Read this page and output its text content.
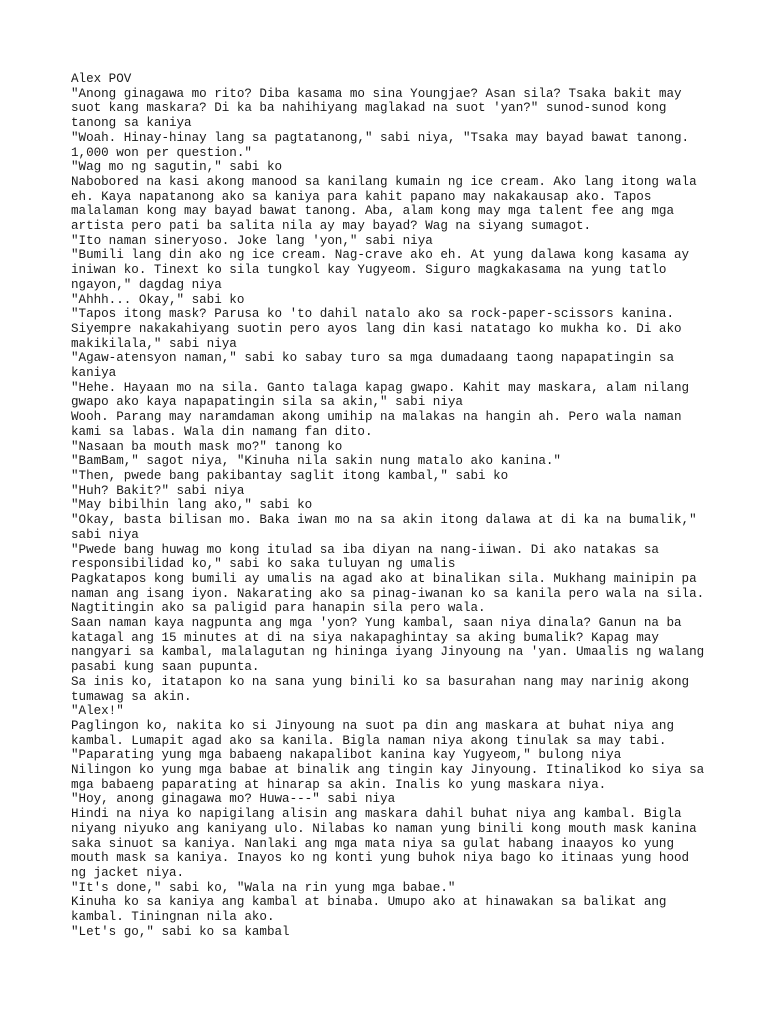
Alex POV

"Anong ginagawa mo rito? Diba kasama mo sina Youngjae? Asan sila? Tsaka bakit may suot kang maskara? Di ka ba nahihiyang maglakad na suot 'yan?" sunod-sunod kong tanong sa kaniya

"Woah. Hinay-hinay lang sa pagtatanong," sabi niya, "Tsaka may bayad bawat tanong. 1,000 won per question."

"Wag mo ng sagutin," sabi ko

Nabobored na kasi akong manood sa kanilang kumain ng ice cream. Ako lang itong wala eh. Kaya napatanong ako sa kaniya para kahit papano may nakakausap ako. Tapos malalaman kong may bayad bawat tanong. Aba, alam kong may mga talent fee ang mga artista pero pati ba salita nila ay may bayad? Wag na siyang sumagot.

"Ito naman sineryoso. Joke lang 'yon," sabi niya

"Bumili lang din ako ng ice cream. Nag-crave ako eh. At yung dalawa kong kasama ay iniwan ko. Tinext ko sila tungkol kay Yugyeom. Siguro magkakasama na yung tatlo ngayon," dagdag niya

"Ahhh... Okay," sabi ko

"Tapos itong mask? Parusa ko 'to dahil natalo ako sa rock-paper-scissors kanina. Siyempre nakakahiyang suotin pero ayos lang din kasi natatago ko mukha ko. Di ako makikilala," sabi niya

"Agaw-atensyon naman," sabi ko sabay turo sa mga dumadaang taong napapatingin sa kaniya

"Hehe. Hayaan mo na sila. Ganto talaga kapag gwapo. Kahit may maskara, alam nilang gwapo ako kaya napapatingin sila sa akin," sabi niya

Wooh. Parang may naramdaman akong umihip na malakas na hangin ah. Pero wala naman kami sa labas. Wala din namang fan dito.

"Nasaan ba mouth mask mo?" tanong ko

"BamBam," sagot niya, "Kinuha nila sakin nung matalo ako kanina."

"Then, pwede bang pakibantay saglit itong kambal," sabi ko

"Huh? Bakit?" sabi niya

"May bibilhin lang ako," sabi ko

"Okay, basta bilisan mo. Baka iwan mo na sa akin itong dalawa at di ka na bumalik," sabi niya

"Pwede bang huwag mo kong itulad sa iba diyan na nang-iiwan. Di ako natakas sa responsibilidad ko," sabi ko saka tuluyan ng umalis

Pagkatapos kong bumili ay umalis na agad ako at binalikan sila. Mukhang mainipin pa naman ang isang iyon. Nakarating ako sa pinag-iwanan ko sa kanila pero wala na sila. Nagtitingin ako sa paligid para hanapin sila pero wala.

Saan naman kaya nagpunta ang mga 'yon? Yung kambal, saan niya dinala? Ganun na ba katagal ang 15 minutes at di na siya nakapaghintay sa aking bumalik? Kapag may nangyari sa kambal, malalagutan ng hininga iyang Jinyoung na 'yan. Umaalis ng walang pasabi kung saan pupunta.

Sa inis ko, itatapon ko na sana yung binili ko sa basurahan nang may narinig akong tumawag sa akin.

"Alex!"

Paglingon ko, nakita ko si Jinyoung na suot pa din ang maskara at buhat niya ang kambal. Lumapit agad ako sa kanila. Bigla naman niya akong tinulak sa may tabi.

"Paparating yung mga babaeng nakapalibot kanina kay Yugyeom," bulong niya

Nilingon ko yung mga babae at binalik ang tingin kay Jinyoung. Itinalikod ko siya sa mga babaeng paparating at hinarap sa akin. Inalis ko yung maskara niya.

"Hoy, anong ginagawa mo? Huwa---" sabi niya

Hindi na niya ko napigilang alisin ang maskara dahil buhat niya ang kambal. Bigla niyang niyuko ang kaniyang ulo. Nilabas ko naman yung binili kong mouth mask kanina saka sinuot sa kaniya. Nanlaki ang mga mata niya sa gulat habang inaayos ko yung mouth mask sa kaniya. Inayos ko ng konti yung buhok niya bago ko itinaas yung hood ng jacket niya.

"It's done," sabi ko, "Wala na rin yung mga babae."

Kinuha ko sa kaniya ang kambal at binaba. Umupo ako at hinawakan sa balikat ang kambal. Tiningnan nila ako.

"Let's go," sabi ko sa kambal
